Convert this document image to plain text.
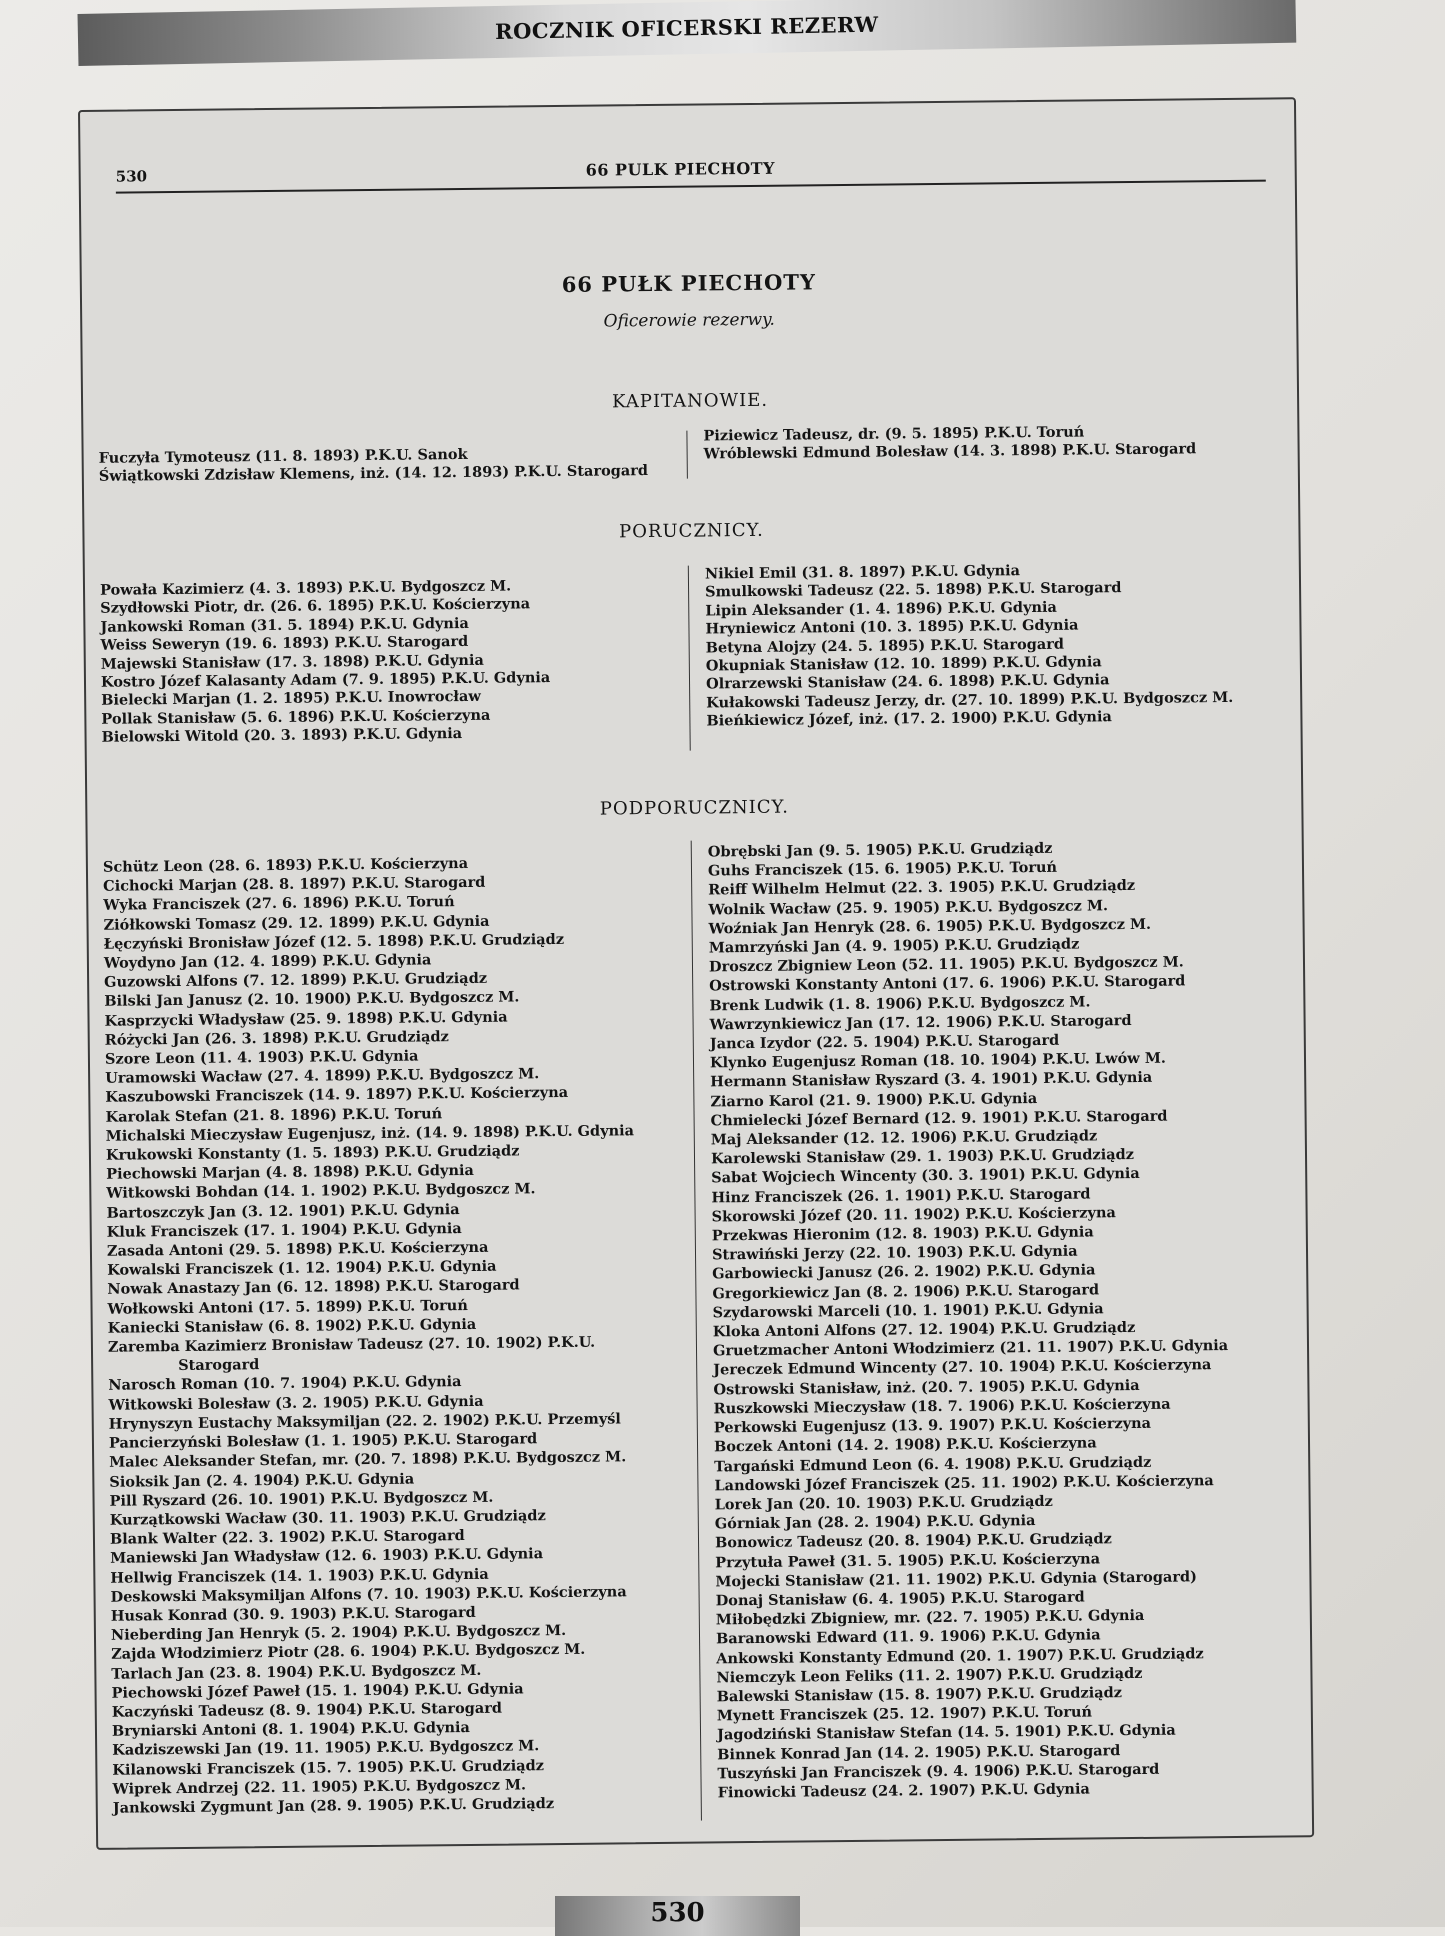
ROCZNIK OFICERSKI REZERW
530	66 PULK PIECHOTY
66 PUŁK PIECHOTY
Oficerowie rezerwy.
KAPITANOWIE.
Fuczyła Tymoteusz (11. 8. 1893) P.K.U. Sanok
Świątkowski Zdzisław Klemens, inż. (14. 12. 1893) P.K.U. Starogard
Piziewicz Tadeusz, dr. (9. 5. 1895) P.K.U. Toruń
Wróblewski Edmund Bolesław (14. 3. 1898) P.K.U. Starogard
PORUCZNICY.
Powała Kazimierz (4. 3. 1893) P.K.U. Bydgoszcz M.
Szydłowski Piotr, dr. (26. 6. 1895) P.K.U. Kościerzyna
Jankowski Roman (31. 5. 1894) P.K.U. Gdynia
Weiss Seweryn (19. 6. 1893) P.K.U. Starogard
Majewski Stanisław (17. 3. 1898) P.K.U. Gdynia
Kostro Józef Kalasanty Adam (7. 9. 1895) P.K.U. Gdynia
Bielecki Marjan (1. 2. 1895) P.K.U. Inowrocław
Pollak Stanisław (5. 6. 1896) P.K.U. Kościerzyna
Bielowski Witold (20. 3. 1893) P.K.U. Gdynia
Nikiel Emil (31. 8. 1897) P.K.U. Gdynia
Smulkowski Tadeusz (22. 5. 1898) P.K.U. Starogard
Lipin Aleksander (1. 4. 1896) P.K.U. Gdynia
Hryniewicz Antoni (10. 3. 1895) P.K.U. Gdynia
Betyna Alojzy (24. 5. 1895) P.K.U. Starogard
Okupniak Stanisław (12. 10. 1899) P.K.U. Gdynia
Olrarzewski Stanisław (24. 6. 1898) P.K.U. Gdynia
Kułakowski Tadeusz Jerzy, dr. (27. 10. 1899) P.K.U. Bydgoszcz M.
Bieńkiewicz Józef, inż. (17. 2. 1900) P.K.U. Gdynia
PODPORUCZNICY.
Schütz Leon (28. 6. 1893) P.K.U. Kościerzyna
Cichocki Marjan (28. 8. 1897) P.K.U. Starogard
Wyka Franciszek (27. 6. 1896) P.K.U. Toruń
Ziółkowski Tomasz (29. 12. 1899) P.K.U. Gdynia
Łęczyński Bronisław Józef (12. 5. 1898) P.K.U. Grudziądz
Woydyno Jan (12. 4. 1899) P.K.U. Gdynia
Guzowski Alfons (7. 12. 1899) P.K.U. Grudziądz
Bilski Jan Janusz (2. 10. 1900) P.K.U. Bydgoszcz M.
Kasprzycki Władysław (25. 9. 1898) P.K.U. Gdynia
Różycki Jan (26. 3. 1898) P.K.U. Grudziądz
Szore Leon (11. 4. 1903) P.K.U. Gdynia
Uramowski Wacław (27. 4. 1899) P.K.U. Bydgoszcz M.
Kaszubowski Franciszek (14. 9. 1897) P.K.U. Kościerzyna
Karolak Stefan (21. 8. 1896) P.K.U. Toruń
Michalski Mieczysław Eugenjusz, inż. (14. 9. 1898) P.K.U. Gdynia
Krukowski Konstanty (1. 5. 1893) P.K.U. Grudziądz
Piechowski Marjan (4. 8. 1898) P.K.U. Gdynia
Witkowski Bohdan (14. 1. 1902) P.K.U. Bydgoszcz M.
Bartoszczyk Jan (3. 12. 1901) P.K.U. Gdynia
Kluk Franciszek (17. 1. 1904) P.K.U. Gdynia
Zasada Antoni (29. 5. 1898) P.K.U. Kościerzyna
Kowalski Franciszek (1. 12. 1904) P.K.U. Gdynia
Nowak Anastazy Jan (6. 12. 1898) P.K.U. Starogard
Wołkowski Antoni (17. 5. 1899) P.K.U. Toruń
Kaniecki Stanisław (6. 8. 1902) P.K.U. Gdynia
Zaremba Kazimierz Bronisław Tadeusz (27. 10. 1902) P.K.U.
Starogard
Narosch Roman (10. 7. 1904) P.K.U. Gdynia
Witkowski Bolesław (3. 2. 1905) P.K.U. Gdynia
Hrynyszyn Eustachy Maksymiljan (22. 2. 1902) P.K.U. Przemyśl
Pancierzyński Bolesław (1. 1. 1905) P.K.U. Starogard
Malec Aleksander Stefan, mr. (20. 7. 1898) P.K.U. Bydgoszcz M.
Sioksik Jan (2. 4. 1904) P.K.U. Gdynia
Pill Ryszard (26. 10. 1901) P.K.U. Bydgoszcz M.
Kurzątkowski Wacław (30. 11. 1903) P.K.U. Grudziądz
Blank Walter (22. 3. 1902) P.K.U. Starogard
Maniewski Jan Władysław (12. 6. 1903) P.K.U. Gdynia
Hellwig Franciszek (14. 1. 1903) P.K.U. Gdynia
Deskowski Maksymiljan Alfons (7. 10. 1903) P.K.U. Kościerzyna
Husak Konrad (30. 9. 1903) P.K.U. Starogard
Nieberding Jan Henryk (5. 2. 1904) P.K.U. Bydgoszcz M.
Zajda Włodzimierz Piotr (28. 6. 1904) P.K.U. Bydgoszcz M.
Tarlach Jan (23. 8. 1904) P.K.U. Bydgoszcz M.
Piechowski Józef Paweł (15. 1. 1904) P.K.U. Gdynia
Kaczyński Tadeusz (8. 9. 1904) P.K.U. Starogard
Bryniarski Antoni (8. 1. 1904) P.K.U. Gdynia
Kadziszewski Jan (19. 11. 1905) P.K.U. Bydgoszcz M.
Kilanowski Franciszek (15. 7. 1905) P.K.U. Grudziądz
Wiprek Andrzej (22. 11. 1905) P.K.U. Bydgoszcz M.
Jankowski Zygmunt Jan (28. 9. 1905) P.K.U. Grudziądz
Obrębski Jan (9. 5. 1905) P.K.U. Grudziądz
Guhs Franciszek (15. 6. 1905) P.K.U. Toruń
Reiff Wilhelm Helmut (22. 3. 1905) P.K.U. Grudziądz
Wolnik Wacław (25. 9. 1905) P.K.U. Bydgoszcz M.
Woźniak Jan Henryk (28. 6. 1905) P.K.U. Bydgoszcz M.
Mamrzyński Jan (4. 9. 1905) P.K.U. Grudziądz
Droszcz Zbigniew Leon (52. 11. 1905) P.K.U. Bydgoszcz M.
Ostrowski Konstanty Antoni (17. 6. 1906) P.K.U. Starogard
Brenk Ludwik (1. 8. 1906) P.K.U. Bydgoszcz M.
Wawrzynkiewicz Jan (17. 12. 1906) P.K.U. Starogard
Janca Izydor (22. 5. 1904) P.K.U. Starogard
Klynko Eugenjusz Roman (18. 10. 1904) P.K.U. Lwów M.
Hermann Stanisław Ryszard (3. 4. 1901) P.K.U. Gdynia
Ziarno Karol (21. 9. 1900) P.K.U. Gdynia
Chmielecki Józef Bernard (12. 9. 1901) P.K.U. Starogard
Maj Aleksander (12. 12. 1906) P.K.U. Grudziądz
Karolewski Stanisław (29. 1. 1903) P.K.U. Grudziądz
Sabat Wojciech Wincenty (30. 3. 1901) P.K.U. Gdynia
Hinz Franciszek (26. 1. 1901) P.K.U. Starogard
Skorowski Józef (20. 11. 1902) P.K.U. Kościerzyna
Przekwas Hieronim (12. 8. 1903) P.K.U. Gdynia
Strawiński Jerzy (22. 10. 1903) P.K.U. Gdynia
Garbowiecki Janusz (26. 2. 1902) P.K.U. Gdynia
Gregorkiewicz Jan (8. 2. 1906) P.K.U. Starogard
Szydarowski Marceli (10. 1. 1901) P.K.U. Gdynia
Kloka Antoni Alfons (27. 12. 1904) P.K.U. Grudziądz
Gruetzmacher Antoni Włodzimierz (21. 11. 1907) P.K.U. Gdynia
Jereczek Edmund Wincenty (27. 10. 1904) P.K.U. Kościerzyna
Ostrowski Stanisław, inż. (20. 7. 1905) P.K.U. Gdynia
Ruszkowski Mieczysław (18. 7. 1906) P.K.U. Kościerzyna
Perkowski Eugenjusz (13. 9. 1907) P.K.U. Kościerzyna
Boczek Antoni (14. 2. 1908) P.K.U. Kościerzyna
Targański Edmund Leon (6. 4. 1908) P.K.U. Grudziądz
Landowski Józef Franciszek (25. 11. 1902) P.K.U. Kościerzyna
Lorek Jan (20. 10. 1903) P.K.U. Grudziądz
Górniak Jan (28. 2. 1904) P.K.U. Gdynia
Bonowicz Tadeusz (20. 8. 1904) P.K.U. Grudziądz
Przytuła Paweł (31. 5. 1905) P.K.U. Kościerzyna
Mojecki Stanisław (21. 11. 1902) P.K.U. Gdynia (Starogard)
Donaj Stanisław (6. 4. 1905) P.K.U. Starogard
Miłobędzki Zbigniew, mr. (22. 7. 1905) P.K.U. Gdynia
Baranowski Edward (11. 9. 1906) P.K.U. Gdynia
Ankowski Konstanty Edmund (20. 1. 1907) P.K.U. Grudziądz
Niemczyk Leon Feliks (11. 2. 1907) P.K.U. Grudziądz
Balewski Stanisław (15. 8. 1907) P.K.U. Grudziądz
Mynett Franciszek (25. 12. 1907) P.K.U. Toruń
Jagodziński Stanisław Stefan (14. 5. 1901) P.K.U. Gdynia
Binnek Konrad Jan (14. 2. 1905) P.K.U. Starogard
Tuszyński Jan Franciszek (9. 4. 1906) P.K.U. Starogard
Finowicki Tadeusz (24. 2. 1907) P.K.U. Gdynia
530
